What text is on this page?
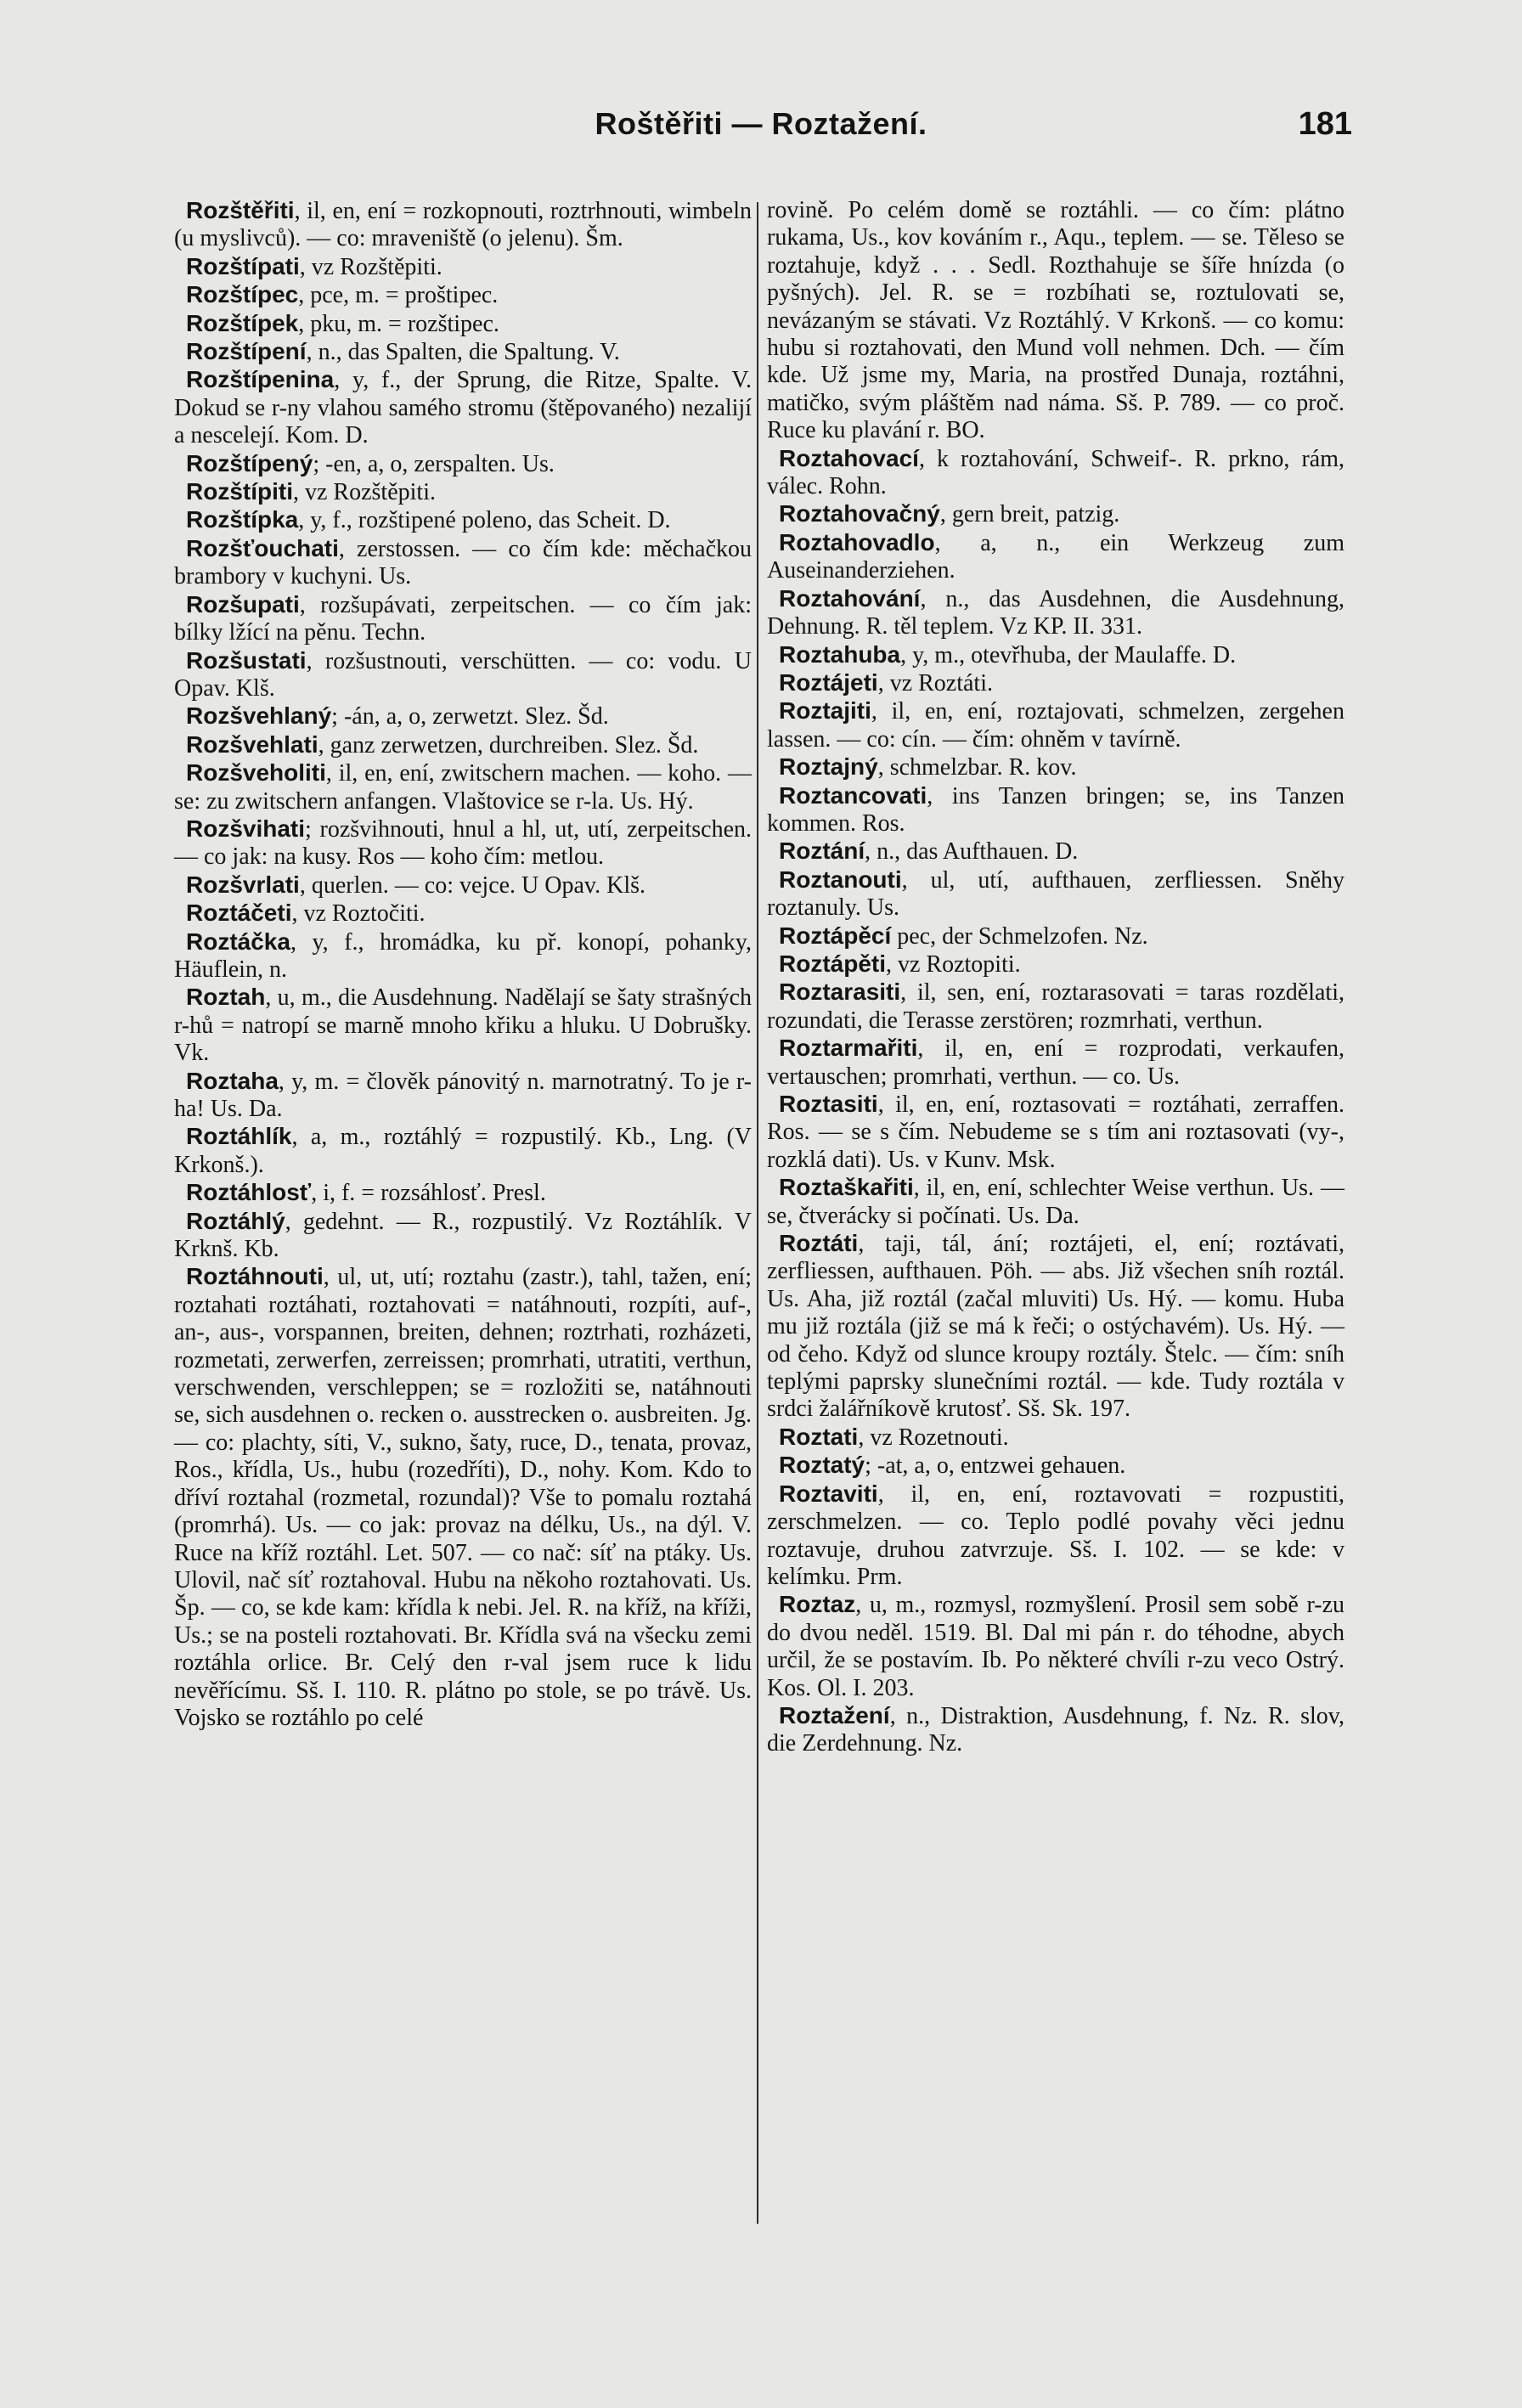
Roštěřiti — Roztažení.	181

Rozštěřiti, il, en, ení = rozkopnouti, roztrhnouti, wimbeln (u myslivců). — co: mraveniště (o jelenu). Šm.

Rozštípati, vz Rozštěpiti.

Rozštípec, pce, m. = proštipec.

Rozštípek, pku, m. = rozštipec.

Rozštípení, n., das Spalten, die Spaltung. V.

Rozštípenina, y, f., der Sprung, die Ritze, Spalte. V. Dokud se r-ny vlahou samého stromu (štěpovaného) nezalijí a nescelejí. Kom. D.

Rozštípený; -en, a, o, zerspalten. Us.

Rozštípiti, vz Rozštěpiti.

Rozštípka, y, f., rozštipené poleno, das Scheit. D.

Rozšťouchati, zerstossen. — co čím kde: měchačkou brambory v kuchyni. Us.

Rozšupati, rozšupávati, zerpeitschen. — co čím jak: bílky lžící na pěnu. Techn.

Rozšustati, rozšustnouti, verschütten. — co: vodu. U Opav. Klš.

Rozšvehlaný; -án, a, o, zerwetzt. Slez. Šd.

Rozšvehlati, ganz zerwetzen, durchreiben. Slez. Šd.

Rozšveholiti, il, en, ení, zwitschern machen. — koho. — se: zu zwitschern anfangen. Vlaštovice se r-la. Us. Hý.

Rozšvihati; rozšvihnouti, hnul a hl, ut, utí, zerpeitschen. — co jak: na kusy. Ros — koho čím: metlou.

Rozšvrlati, querlen. — co: vejce. U Opav. Klš.

Roztáčeti, vz Roztočiti.

Roztáčka, y, f., hromádka, ku př. konopí, pohanky, Häuflein, n.

Roztah, u, m., die Ausdehnung. Nadělají se šaty strašných r-hů = natropí se marně mnoho křiku a hluku. U Dobrušky. Vk.

Roztaha, y, m. = člověk pánovitý n. marnotratný. To je r-ha! Us. Da.

Roztáhlík, a, m., roztáhlý = rozpustilý. Kb., Lng. (V Krkonš.).

Roztáhlosť, i, f. = rozsáhlosť. Presl.

Roztáhlý, gedehnt. — R., rozpustilý. Vz Roztáhlík. V Krknš. Kb.

Roztáhnouti, ul, ut, utí; roztahu (zastr.), tahl, tažen, ení; roztahati roztáhati, roztahovati = natáhnouti, rozpíti, auf-, an-, aus-, vorspannen, breiten, dehnen; roztrhati, rozházeti, rozmetati, zerwerfen, zerreissen; promrhati, utratiti, verthun, verschwenden, verschleppen; se = rozložiti se, natáhnouti se, sich ausdehnen o. recken o. ausstrecken o. ausbreiten. Jg. — co: plachty, síti, V., sukno, šaty, ruce, D., tenata, provaz, Ros., křídla, Us., hubu (rozedříti), D., nohy. Kom. Kdo to dříví roztahal (rozmetal, rozundal)? Vše to pomalu roztahá (promrhá). Us. — co jak: provaz na délku, Us., na dýl. V. Ruce na kříž roztáhl. Let. 507. — co nač: síť na ptáky. Us. Ulovil, nač síť roztahoval. Hubu na někoho roztahovati. Us. Šp. — co, se kde kam: křídla k nebi. Jel. R. na kříž, na kříži, Us.; se na posteli roztahovati. Br. Křídla svá na všecku zemi roztáhla orlice. Br. Celý den r-val jsem ruce k lidu nevěřícímu. Sš. I. 110. R. plátno po stole, se po trávě. Us. Vojsko se roztáhlo po celé

rovině. Po celém domě se roztáhli. — co čím: plátno rukama, Us., kov kováním r., Aqu., teplem. — se. Těleso se roztahuje, když . . . Sedl. Rozthahuje se šíře hnízda (o pyšných). Jel. R. se = rozbíhati se, roztulovati se, nevázaným se stávati. Vz Roztáhlý. V Krkonš. — co komu: hubu si roztahovati, den Mund voll nehmen. Dch. — čím kde. Už jsme my, Maria, na prostřed Dunaja, roztáhni, matičko, svým pláštěm nad náma. Sš. P. 789. — co proč. Ruce ku plavání r. BO.

Roztahovací, k roztahování, Schweif-. R. prkno, rám, válec. Rohn.

Roztahovačný, gern breit, patzig.

Roztahovadlo, a, n., ein Werkzeug zum Auseinanderziehen.

Roztahování, n., das Ausdehnen, die Ausdehnung, Dehnung. R. těl teplem. Vz KP. II. 331.

Roztahuba, y, m., otevřhuba, der Maulaffe. D.

Roztájeti, vz Roztáti.

Roztajiti, il, en, ení, roztajovati, schmelzen, zergehen lassen. — co: cín. — čím: ohněm v tavírně.

Roztajný, schmelzbar. R. kov.

Roztancovati, ins Tanzen bringen; se, ins Tanzen kommen. Ros.

Roztání, n., das Aufthauen. D.

Roztanouti, ul, utí, aufthauen, zerfliessen. Sněhy roztanuly. Us.

Roztápěcí pec, der Schmelzofen. Nz.

Roztápěti, vz Roztopiti.

Roztarasiti, il, sen, ení, roztarasovati = taras rozdělati, rozundati, die Terasse zerstören; rozmrhati, verthun.

Roztarmařiti, il, en, ení = rozprodati, verkaufen, vertauschen; promrhati, verthun. — co. Us.

Roztasiti, il, en, ení, roztasovati = roztáhati, zerraffen. Ros. — se s čím. Nebudeme se s tím ani roztasovati (vy-, rozklá dati). Us. v Kunv. Msk.

Roztaškařiti, il, en, ení, schlechter Weise verthun. Us. — se, čtverácky si počínati. Us. Da.

Roztáti, taji, tál, ání; roztájeti, el, ení; roztávati, zerfliessen, aufthauen. Pöh. — abs. Již všechen sníh roztál. Us. Aha, již roztál (začal mluviti) Us. Hý. — komu. Huba mu již roztála (již se má k řeči; o ostýchavém). Us. Hý. — od čeho. Když od slunce kroupy roztály. Štelc. — čím: sníh teplými paprsky slunečními roztál. — kde. Tudy roztála v srdci žalářníkově krutosť. Sš. Sk. 197.

Roztati, vz Rozetnouti.

Roztatý; -at, a, o, entzwei gehauen.

Roztaviti, il, en, ení, roztavovati = rozpustiti, zerschmelzen. — co. Teplo podlé povahy věci jednu roztavuje, druhou zatvrzuje. Sš. I. 102. — se kde: v kelímku. Prm.

Roztaz, u, m., rozmysl, rozmyšlení. Prosil sem sobě r-zu do dvou neděl. 1519. Bl. Dal mi pán r. do téhodne, abych určil, že se postavím. Ib. Po některé chvíli r-zu veco Ostrý. Kos. Ol. I. 203.

Roztažení, n., Distraktion, Ausdehnung, f. Nz. R. slov, die Zerdehnung. Nz.
